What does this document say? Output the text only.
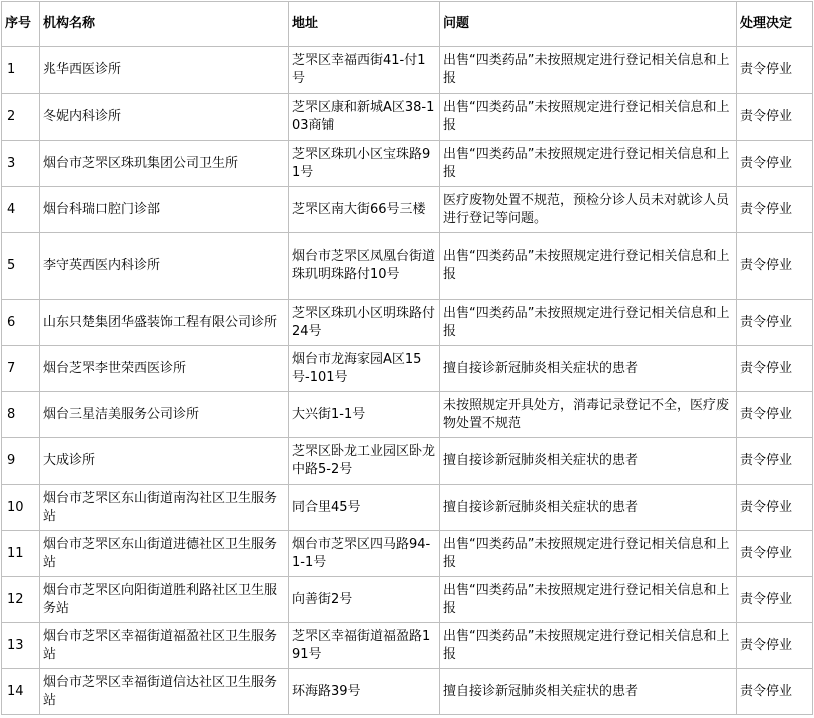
序号	机构名称	地址	问题	处理决定
1	兆华西医诊所	芝罘区幸福西街41-付1号	出售“四类药品”未按照规定进行登记相关信息和上报	责令停业
2	冬妮内科诊所	芝罘区康和新城A区38-103商铺	出售“四类药品”未按照规定进行登记相关信息和上报	责令停业
3	烟台市芝罘区珠玑集团公司卫生所	芝罘区珠玑小区宝珠路91号	出售“四类药品”未按照规定进行登记相关信息和上报	责令停业
4	烟台科瑞口腔门诊部	芝罘区南大街66号三楼	医疗废物处置不规范，预检分诊人员未对就诊人员进行登记等问题。	责令停业
5	李守英西医内科诊所	烟台市芝罘区凤凰台街道珠玑明珠路付10号	出售“四类药品”未按照规定进行登记相关信息和上报	责令停业
6	山东只楚集团华盛装饰工程有限公司诊所	芝罘区珠玑小区明珠路付24号	出售“四类药品”未按照规定进行登记相关信息和上报	责令停业
7	烟台芝罘李世荣西医诊所	烟台市龙海家园A区15号-101号	擅自接诊新冠肺炎相关症状的患者	责令停业
8	烟台三星洁美服务公司诊所	大兴街1-1号	未按照规定开具处方，消毒记录登记不全，医疗废物处置不规范	责令停业
9	大成诊所	芝罘区卧龙工业园区卧龙中路5-2号	擅自接诊新冠肺炎相关症状的患者	责令停业
10	烟台市芝罘区东山街道南沟社区卫生服务站	同合里45号	擅自接诊新冠肺炎相关症状的患者	责令停业
11	烟台市芝罘区东山街道进德社区卫生服务站	烟台市芝罘区四马路94-1-1号	出售“四类药品”未按照规定进行登记相关信息和上报	责令停业
12	烟台市芝罘区向阳街道胜利路社区卫生服务站	向善街2号	出售“四类药品”未按照规定进行登记相关信息和上报	责令停业
13	烟台市芝罘区幸福街道福盈社区卫生服务站	芝罘区幸福街道福盈路191号	出售“四类药品”未按照规定进行登记相关信息和上报	责令停业
14	烟台市芝罘区幸福街道信达社区卫生服务站	环海路39号	擅自接诊新冠肺炎相关症状的患者	责令停业
